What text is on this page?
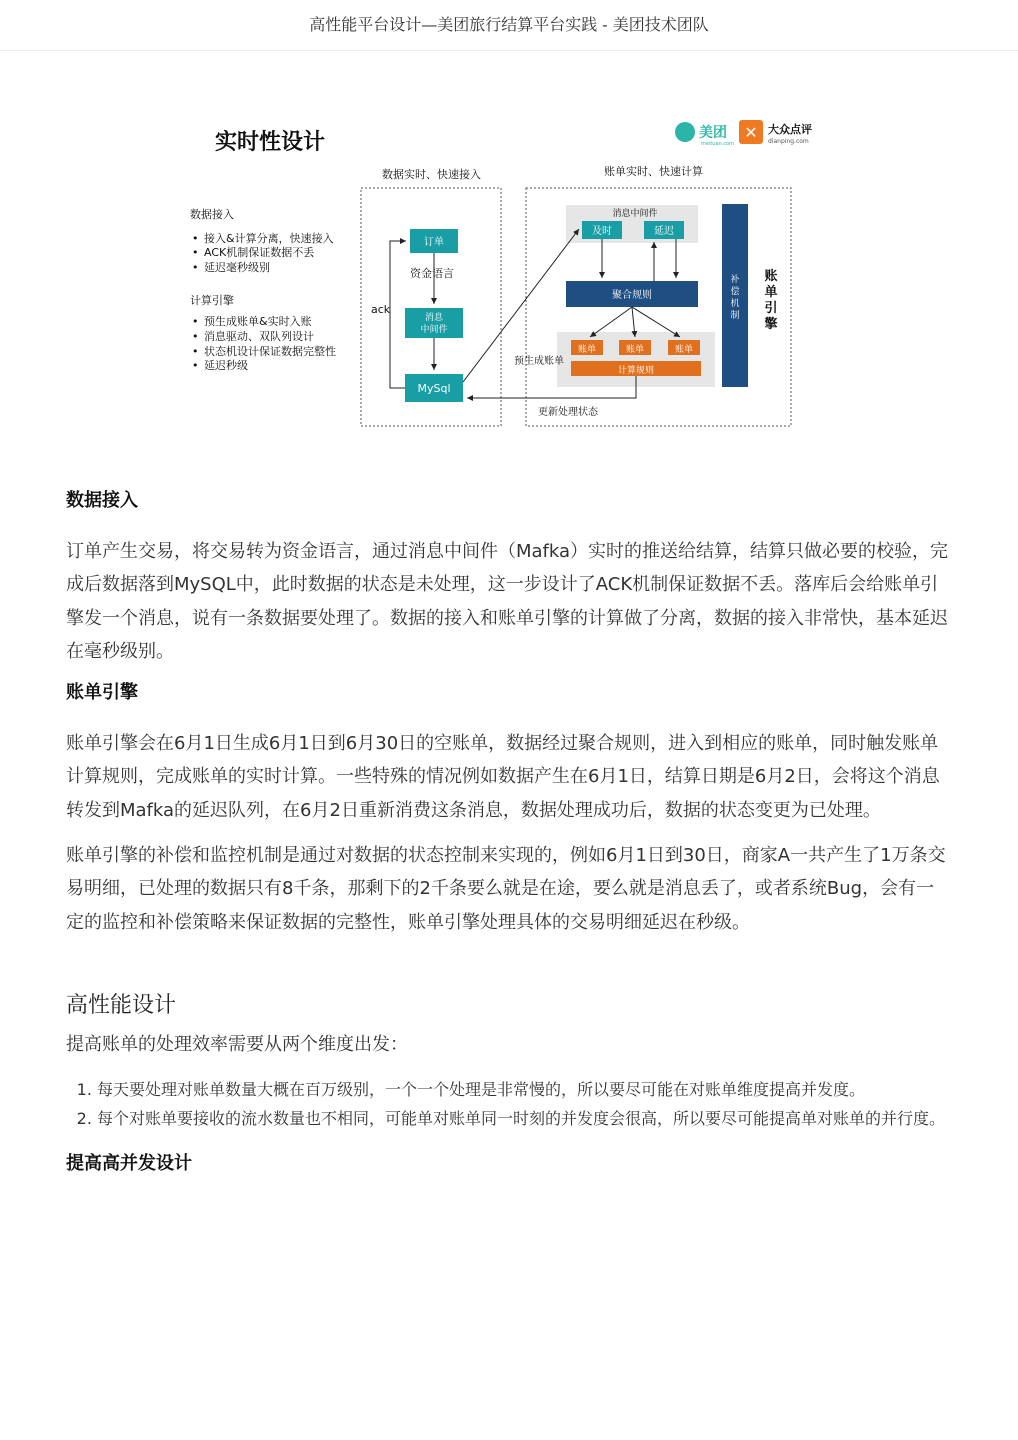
高性能平台设计—美团旅行结算平台实践 - 美团技术团队
实时性设计	美团
meituan.com
✕ 大众点评
dianping.com
数据接入
• 接入&计算分离，快速接入
• ACK机制保证数据不丢
• 延迟毫秒级别
计算引擎
• 预生成账单&实时入账
• 消息驱动、双队列设计
• 状态机设计保证数据完整性
• 延迟秒级
数据实时、快速接入	账单实时、快速计算
订单
资金语言
消息
中间件
MySql
ack
消息中间件
及时	延迟
聚合规则
账单	账单	账单
计算规则
补
偿
机
制
账
单
引
擎
预生成账单
更新处理状态
数据接入

订单产生交易，将交易转为资金语言，通过消息中间件（Mafka）实时的推送给结算，结算只做必要的校验，完成后数据落到MySQL中，此时数据的状态是未处理，这一步设计了ACK机制保证数据不丢。落库后会给账单引擎发一个消息，说有一条数据要处理了。数据的接入和账单引擎的计算做了分离，数据的接入非常快，基本延迟在毫秒级别。

账单引擎

账单引擎会在6月1日生成6月1日到6月30日的空账单，数据经过聚合规则，进入到相应的账单，同时触发账单计算规则，完成账单的实时计算。一些特殊的情况例如数据产生在6月1日，结算日期是6月2日，会将这个消息转发到Mafka的延迟队列，在6月2日重新消费这条消息，数据处理成功后，数据的状态变更为已处理。

账单引擎的补偿和监控机制是通过对数据的状态控制来实现的，例如6月1日到30日，商家A一共产生了1万条交易明细，已处理的数据只有8千条，那剩下的2千条要么就是在途，要么就是消息丢了，或者系统Bug，会有一定的监控和补偿策略来保证数据的完整性，账单引擎处理具体的交易明细延迟在秒级。

高性能设计

提高账单的处理效率需要从两个维度出发：

1. 每天要处理对账单数量大概在百万级别，一个一个处理是非常慢的，所以要尽可能在对账单维度提高并发度。
2. 每个对账单要接收的流水数量也不相同，可能单对账单同一时刻的并发度会很高，所以要尽可能提高单对账单的并行度。
提高高并发设计
